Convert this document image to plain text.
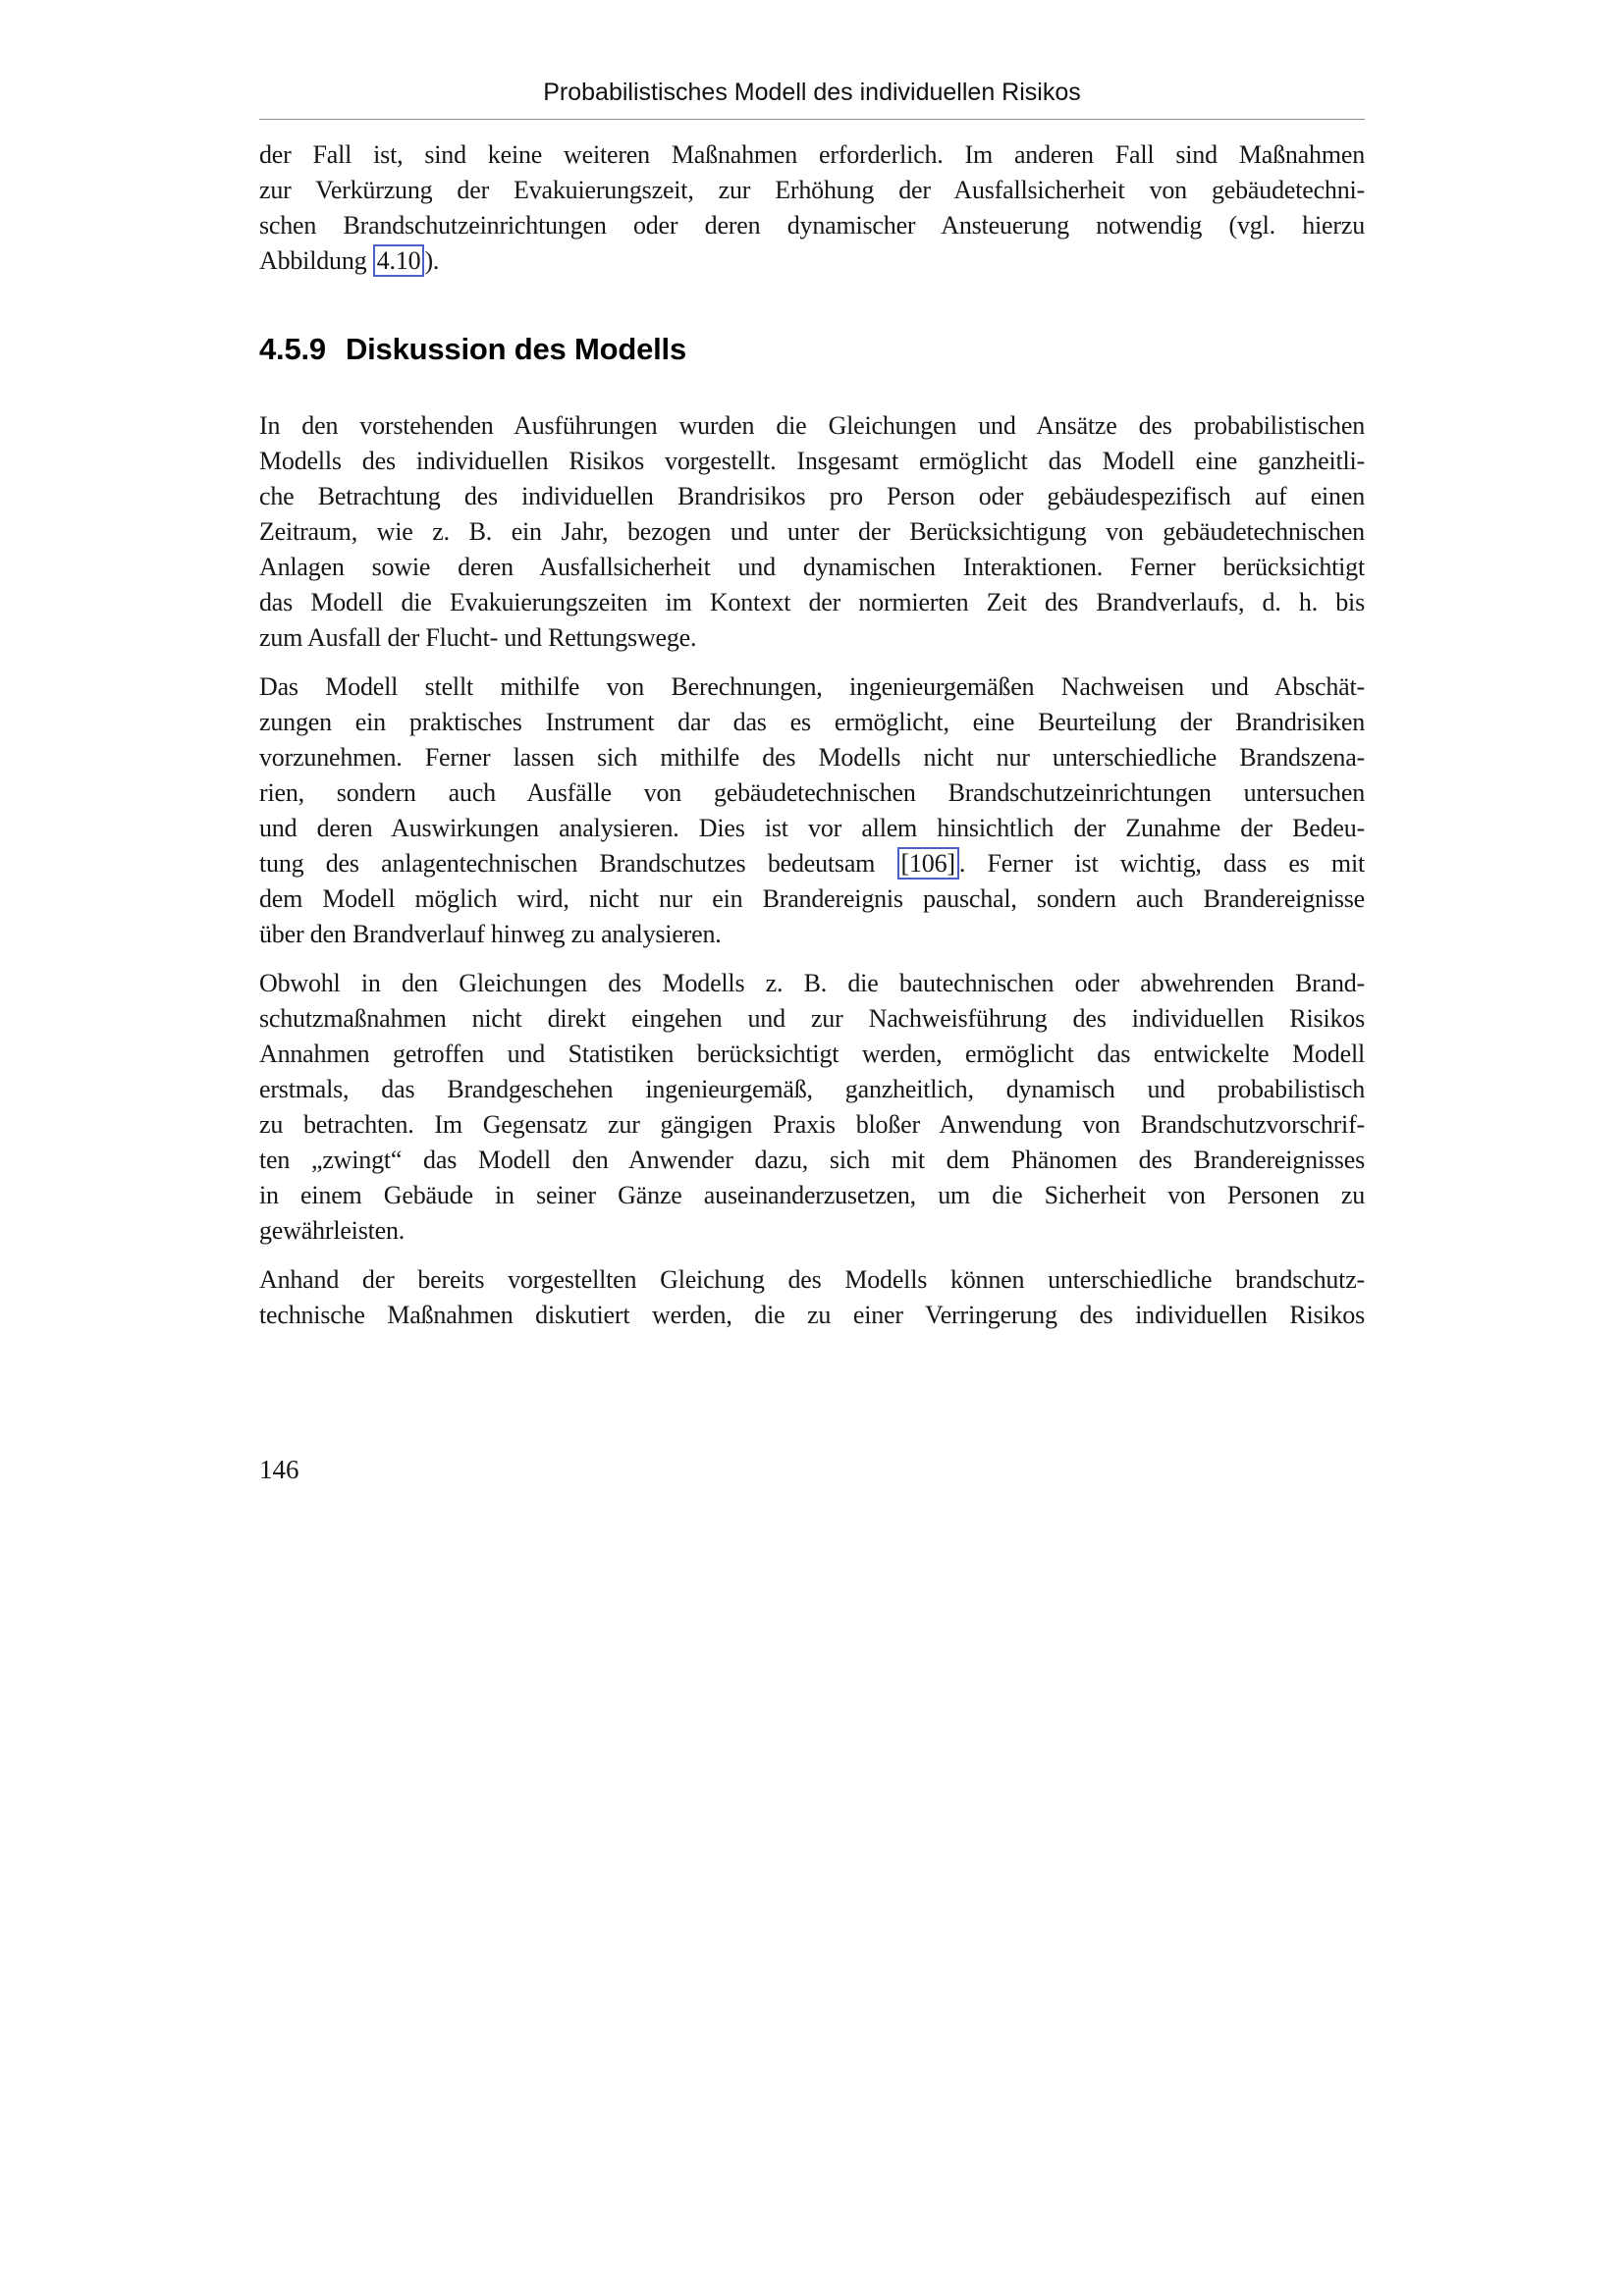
Probabilistisches Modell des individuellen Risikos

der Fall ist, sind keine weiteren Maßnahmen erforderlich. Im anderen Fall sind Maßnahmen
zur Verkürzung der Evakuierungszeit, zur Erhöhung der Ausfallsicherheit von gebäudetechni-
schen Brandschutzeinrichtungen oder deren dynamischer Ansteuerung notwendig (vgl. hierzu
Abbildung 4.10 ).

4.5.9 Diskussion des Modells

In den vorstehenden Ausführungen wurden die Gleichungen und Ansätze des probabilistischen
Modells des individuellen Risikos vorgestellt. Insgesamt ermöglicht das Modell eine ganzheitli-
che Betrachtung des individuellen Brandrisikos pro Person oder gebäudespezifisch auf einen
Zeitraum, wie z. B. ein Jahr, bezogen und unter der Berücksichtigung von gebäudetechnischen
Anlagen sowie deren Ausfallsicherheit und dynamischen Interaktionen. Ferner berücksichtigt
das Modell die Evakuierungszeiten im Kontext der normierten Zeit des Brandverlaufs, d. h. bis
zum Ausfall der Flucht- und Rettungswege.

Das Modell stellt mithilfe von Berechnungen, ingenieurgemäßen Nachweisen und Abschät-
zungen ein praktisches Instrument dar das es ermöglicht, eine Beurteilung der Brandrisiken
vorzunehmen. Ferner lassen sich mithilfe des Modells nicht nur unterschiedliche Brandszena-
rien, sondern auch Ausfälle von gebäudetechnischen Brandschutzeinrichtungen untersuchen
und deren Auswirkungen analysieren. Dies ist vor allem hinsichtlich der Zunahme der Bedeu-
tung des anlagentechnischen Brandschutzes bedeutsam [106] . Ferner ist wichtig, dass es mit
dem Modell möglich wird, nicht nur ein Brandereignis pauschal, sondern auch Brandereignisse
über den Brandverlauf hinweg zu analysieren.

Obwohl in den Gleichungen des Modells z. B. die bautechnischen oder abwehrenden Brand-
schutzmaßnahmen nicht direkt eingehen und zur Nachweisführung des individuellen Risikos
Annahmen getroffen und Statistiken berücksichtigt werden, ermöglicht das entwickelte Modell
erstmals, das Brandgeschehen ingenieurgemäß, ganzheitlich, dynamisch und probabilistisch
zu betrachten. Im Gegensatz zur gängigen Praxis bloßer Anwendung von Brandschutzvorschrif-
ten „zwingt“ das Modell den Anwender dazu, sich mit dem Phänomen des Brandereignisses
in einem Gebäude in seiner Gänze auseinanderzusetzen, um die Sicherheit von Personen zu
gewährleisten.

Anhand der bereits vorgestellten Gleichung des Modells können unterschiedliche brandschutz-
technische Maßnahmen diskutiert werden, die zu einer Verringerung des individuellen Risikos

146
